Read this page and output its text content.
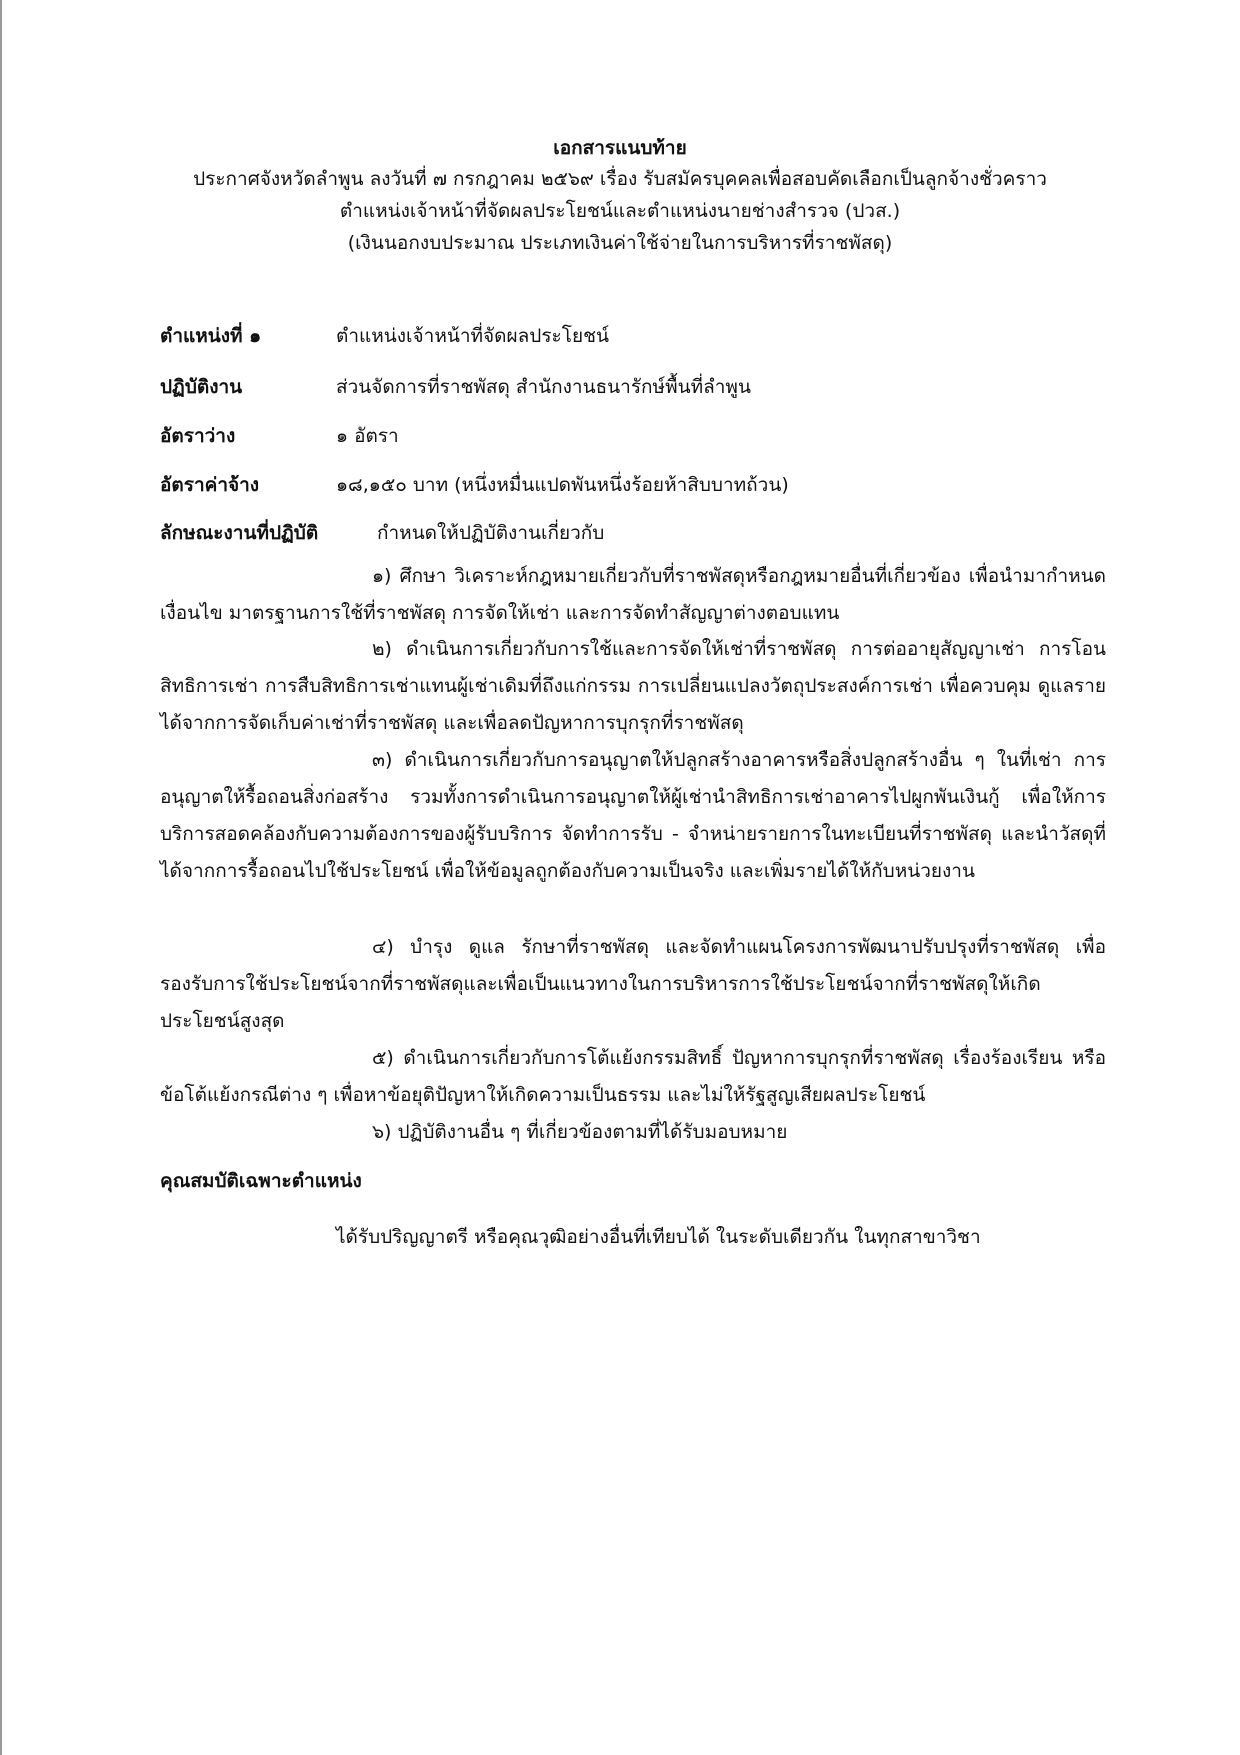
เอกสารแนบท้าย
ประกาศจังหวัดลำพูน ลงวันที่ ๗ กรกฎาคม ๒๕๖๙ เรื่อง รับสมัครบุคคลเพื่อสอบคัดเลือกเป็นลูกจ้างชั่วคราว
ตำแหน่งเจ้าหน้าที่จัดผลประโยชน์และตำแหน่งนายช่างสำรวจ (ปวส.)
(เงินนอกงบประมาณ ประเภทเงินค่าใช้จ่ายในการบริหารที่ราชพัสดุ)
ตำแหน่งที่ ๑	ตำแหน่งเจ้าหน้าที่จัดผลประโยชน์
ปฏิบัติงาน	ส่วนจัดการที่ราชพัสดุ สำนักงานธนารักษ์พื้นที่ลำพูน
อัตราว่าง	๑ อัตรา
อัตราค่าจ้าง	๑๘,๑๕๐ บาท (หนึ่งหมื่นแปดพันหนึ่งร้อยห้าสิบบาทถ้วน)
ลักษณะงานที่ปฏิบัติ	กำหนดให้ปฏิบัติงานเกี่ยวกับ
๑) ศึกษา วิเคราะห์กฎหมายเกี่ยวกับที่ราชพัสดุหรือกฎหมายอื่นที่เกี่ยวข้อง เพื่อนำมากำหนด เงื่อนไข มาตรฐานการใช้ที่ราชพัสดุ การจัดให้เช่า และการจัดทำสัญญาต่างตอบแทน
๒) ดำเนินการเกี่ยวกับการใช้และการจัดให้เช่าที่ราชพัสดุ การต่ออายุสัญญาเช่า การโอนสิทธิการเช่า การสืบสิทธิการเช่าแทนผู้เช่าเดิมที่ถึงแก่กรรม การเปลี่ยนแปลงวัตถุประสงค์การเช่า เพื่อควบคุม ดูแลรายได้จากการจัดเก็บค่าเช่าที่ราชพัสดุ และเพื่อลดปัญหาการบุกรุกที่ราชพัสดุ
๓) ดำเนินการเกี่ยวกับการอนุญาตให้ปลูกสร้างอาคารหรือสิ่งปลูกสร้างอื่น ๆ ในที่เช่า การอนุญาตให้รื้อถอนสิ่งก่อสร้าง รวมทั้งการดำเนินการอนุญาตให้ผู้เช่านำสิทธิการเช่าอาคารไปผูกพันเงินกู้ เพื่อให้การบริการสอดคล้องกับความต้องการของผู้รับบริการ จัดทำการรับ - จำหน่ายรายการในทะเบียนที่ราชพัสดุ และนำวัสดุที่ได้จากการรื้อถอนไปใช้ประโยชน์ เพื่อให้ข้อมูลถูกต้องกับความเป็นจริง และเพิ่มรายได้ให้กับหน่วยงาน
๔) บำรุง ดูแล รักษาที่ราชพัสดุ และจัดทำแผนโครงการพัฒนาปรับปรุงที่ราชพัสดุ เพื่อรองรับการใช้ประโยชน์จากที่ราชพัสดุและเพื่อเป็นแนวทางในการบริหารการใช้ประโยชน์จากที่ราชพัสดุให้เกิดประโยชน์สูงสุด
๕) ดำเนินการเกี่ยวกับการโต้แย้งกรรมสิทธิ์ ปัญหาการบุกรุกที่ราชพัสดุ เรื่องร้องเรียน หรือข้อโต้แย้งกรณีต่าง ๆ เพื่อหาข้อยุติปัญหาให้เกิดความเป็นธรรม และไม่ให้รัฐสูญเสียผลประโยชน์
๖) ปฏิบัติงานอื่น ๆ ที่เกี่ยวข้องตามที่ได้รับมอบหมาย
คุณสมบัติเฉพาะตำแหน่ง
ได้รับปริญญาตรี หรือคุณวุฒิอย่างอื่นที่เทียบได้ ในระดับเดียวกัน ในทุกสาขาวิชา
